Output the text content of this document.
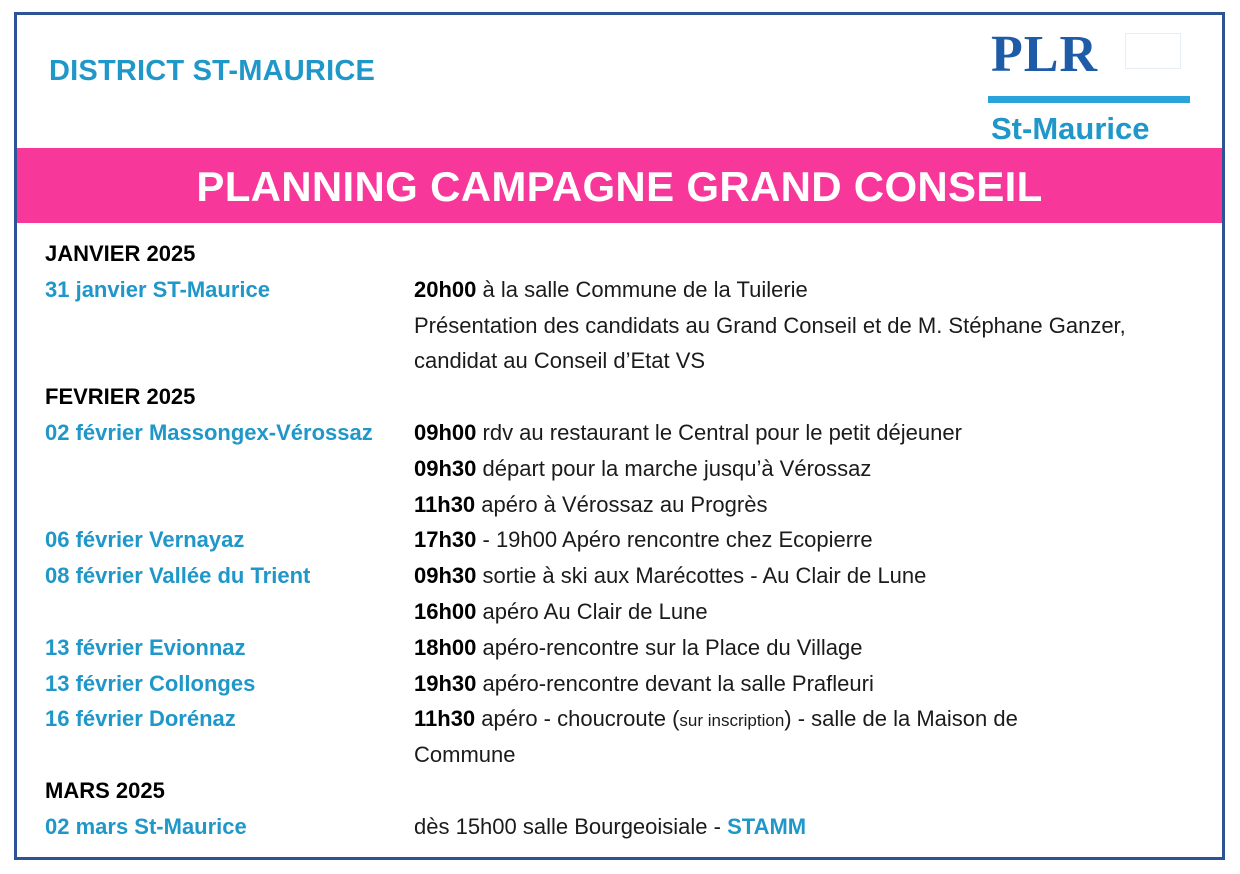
DISTRICT ST-MAURICE	PLR
St-Maurice
PLANNING CAMPAGNE GRAND CONSEIL
JANVIER 2025
31 janvier ST-Maurice	20h00 à la salle Commune de la Tuilerie
Présentation des candidats au Grand Conseil et de M. Stéphane Ganzer,
candidat au Conseil d’Etat VS
FEVRIER 2025
02 février Massongex-Vérossaz	09h00 rdv au restaurant le Central pour le petit déjeuner
09h30 départ pour la marche jusqu’à Vérossaz
11h30 apéro à Vérossaz au Progrès
06 février Vernayaz	17h30 - 19h00 Apéro rencontre chez Ecopierre
08 février Vallée du Trient	09h30 sortie à ski aux Marécottes - Au Clair de Lune
16h00 apéro Au Clair de Lune
13 février Evionnaz	18h00 apéro-rencontre sur la Place du Village
13 février Collonges	19h30 apéro-rencontre devant la salle Prafleuri
16 février Dorénaz	11h30 apéro - choucroute (sur inscription) - salle de la Maison de
Commune
MARS 2025
02 mars St-Maurice	dès 15h00 salle Bourgeoisiale - STAMM
